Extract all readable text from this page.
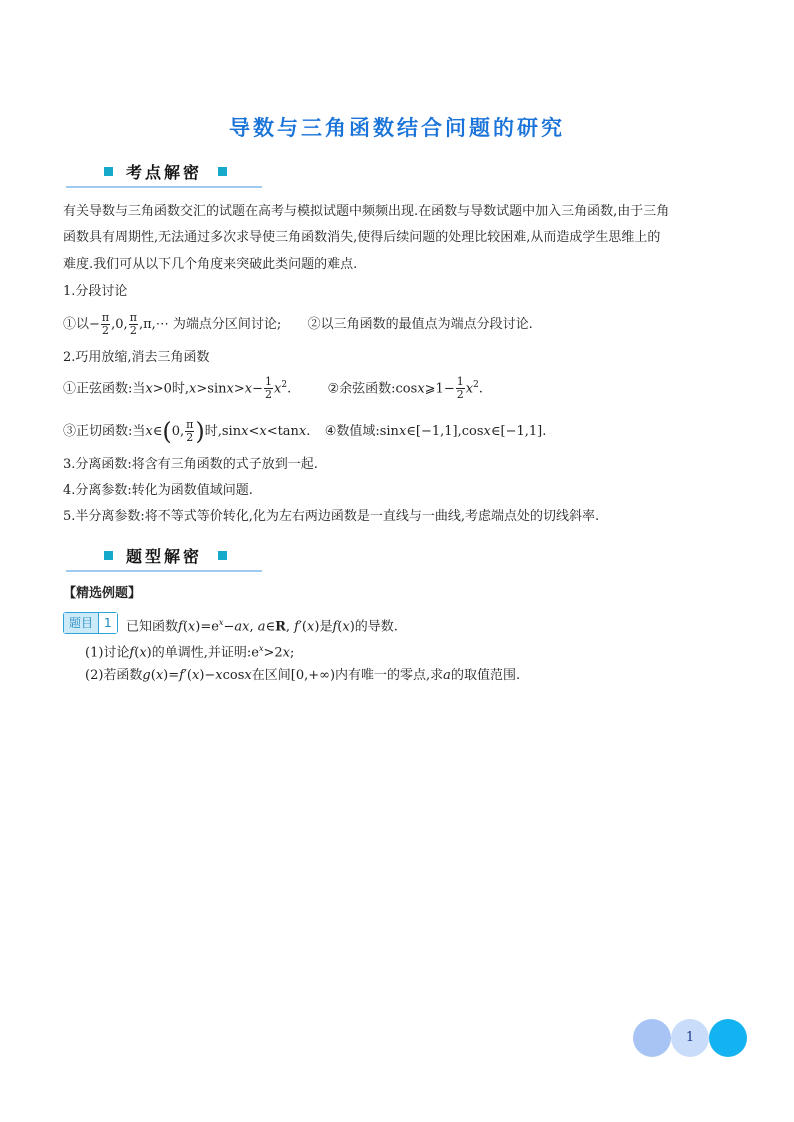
导数与三角函数结合问题的研究
考点解密
有关导数与三角函数交汇的试题在高考与模拟试题中频频出现.在函数与导数试题中加入三角函数,由于三角
函数具有周期性,无法通过多次求导使三角函数消失,使得后续问题的处理比较困难,从而造成学生思维上的
难度.我们可从以下几个角度来突破此类问题的难点.
1.分段讨论
①以− $\frac{\pi}{2} ,0$, $\frac{\pi}{2}$ ,π,⋯ 为端点分区间讨论; ②以三角函数的最值点为端点分段讨论.
2.巧用放缩,消去三角函数
①正弦函数:当x>0时$,x>\sin x>x- \frac{1}{2} x^2$.  ②余弦函数:cosx⩾1− $\frac{1}{2} x^2$.
③正切函数:当x∈(0, $\frac{\pi}{2}$ )时,sinx<x<tanx.  ④数值域:sinx∈[−1,1],cosx∈[−1,1].
3.分离函数:将含有三角函数的式子放到一起.
4.分离参数:转化为函数值域问题.
5.半分离参数:将不等式等价转化,化为左右两边函数是一直线与一曲线,考虑端点处的切线斜率.
题型解密
【精选例题】
题目 1	已知函数$f(x)=e^x-ax$, a∈R, f′(x)是f(x)的导数.
(1)讨论f(x)的单调性,并证明$:e^x>2x$;
(2)若函数g(x)=f′(x)−xcosx在区间[0,+∞)内有唯一的零点,求a的取值范围.
1
